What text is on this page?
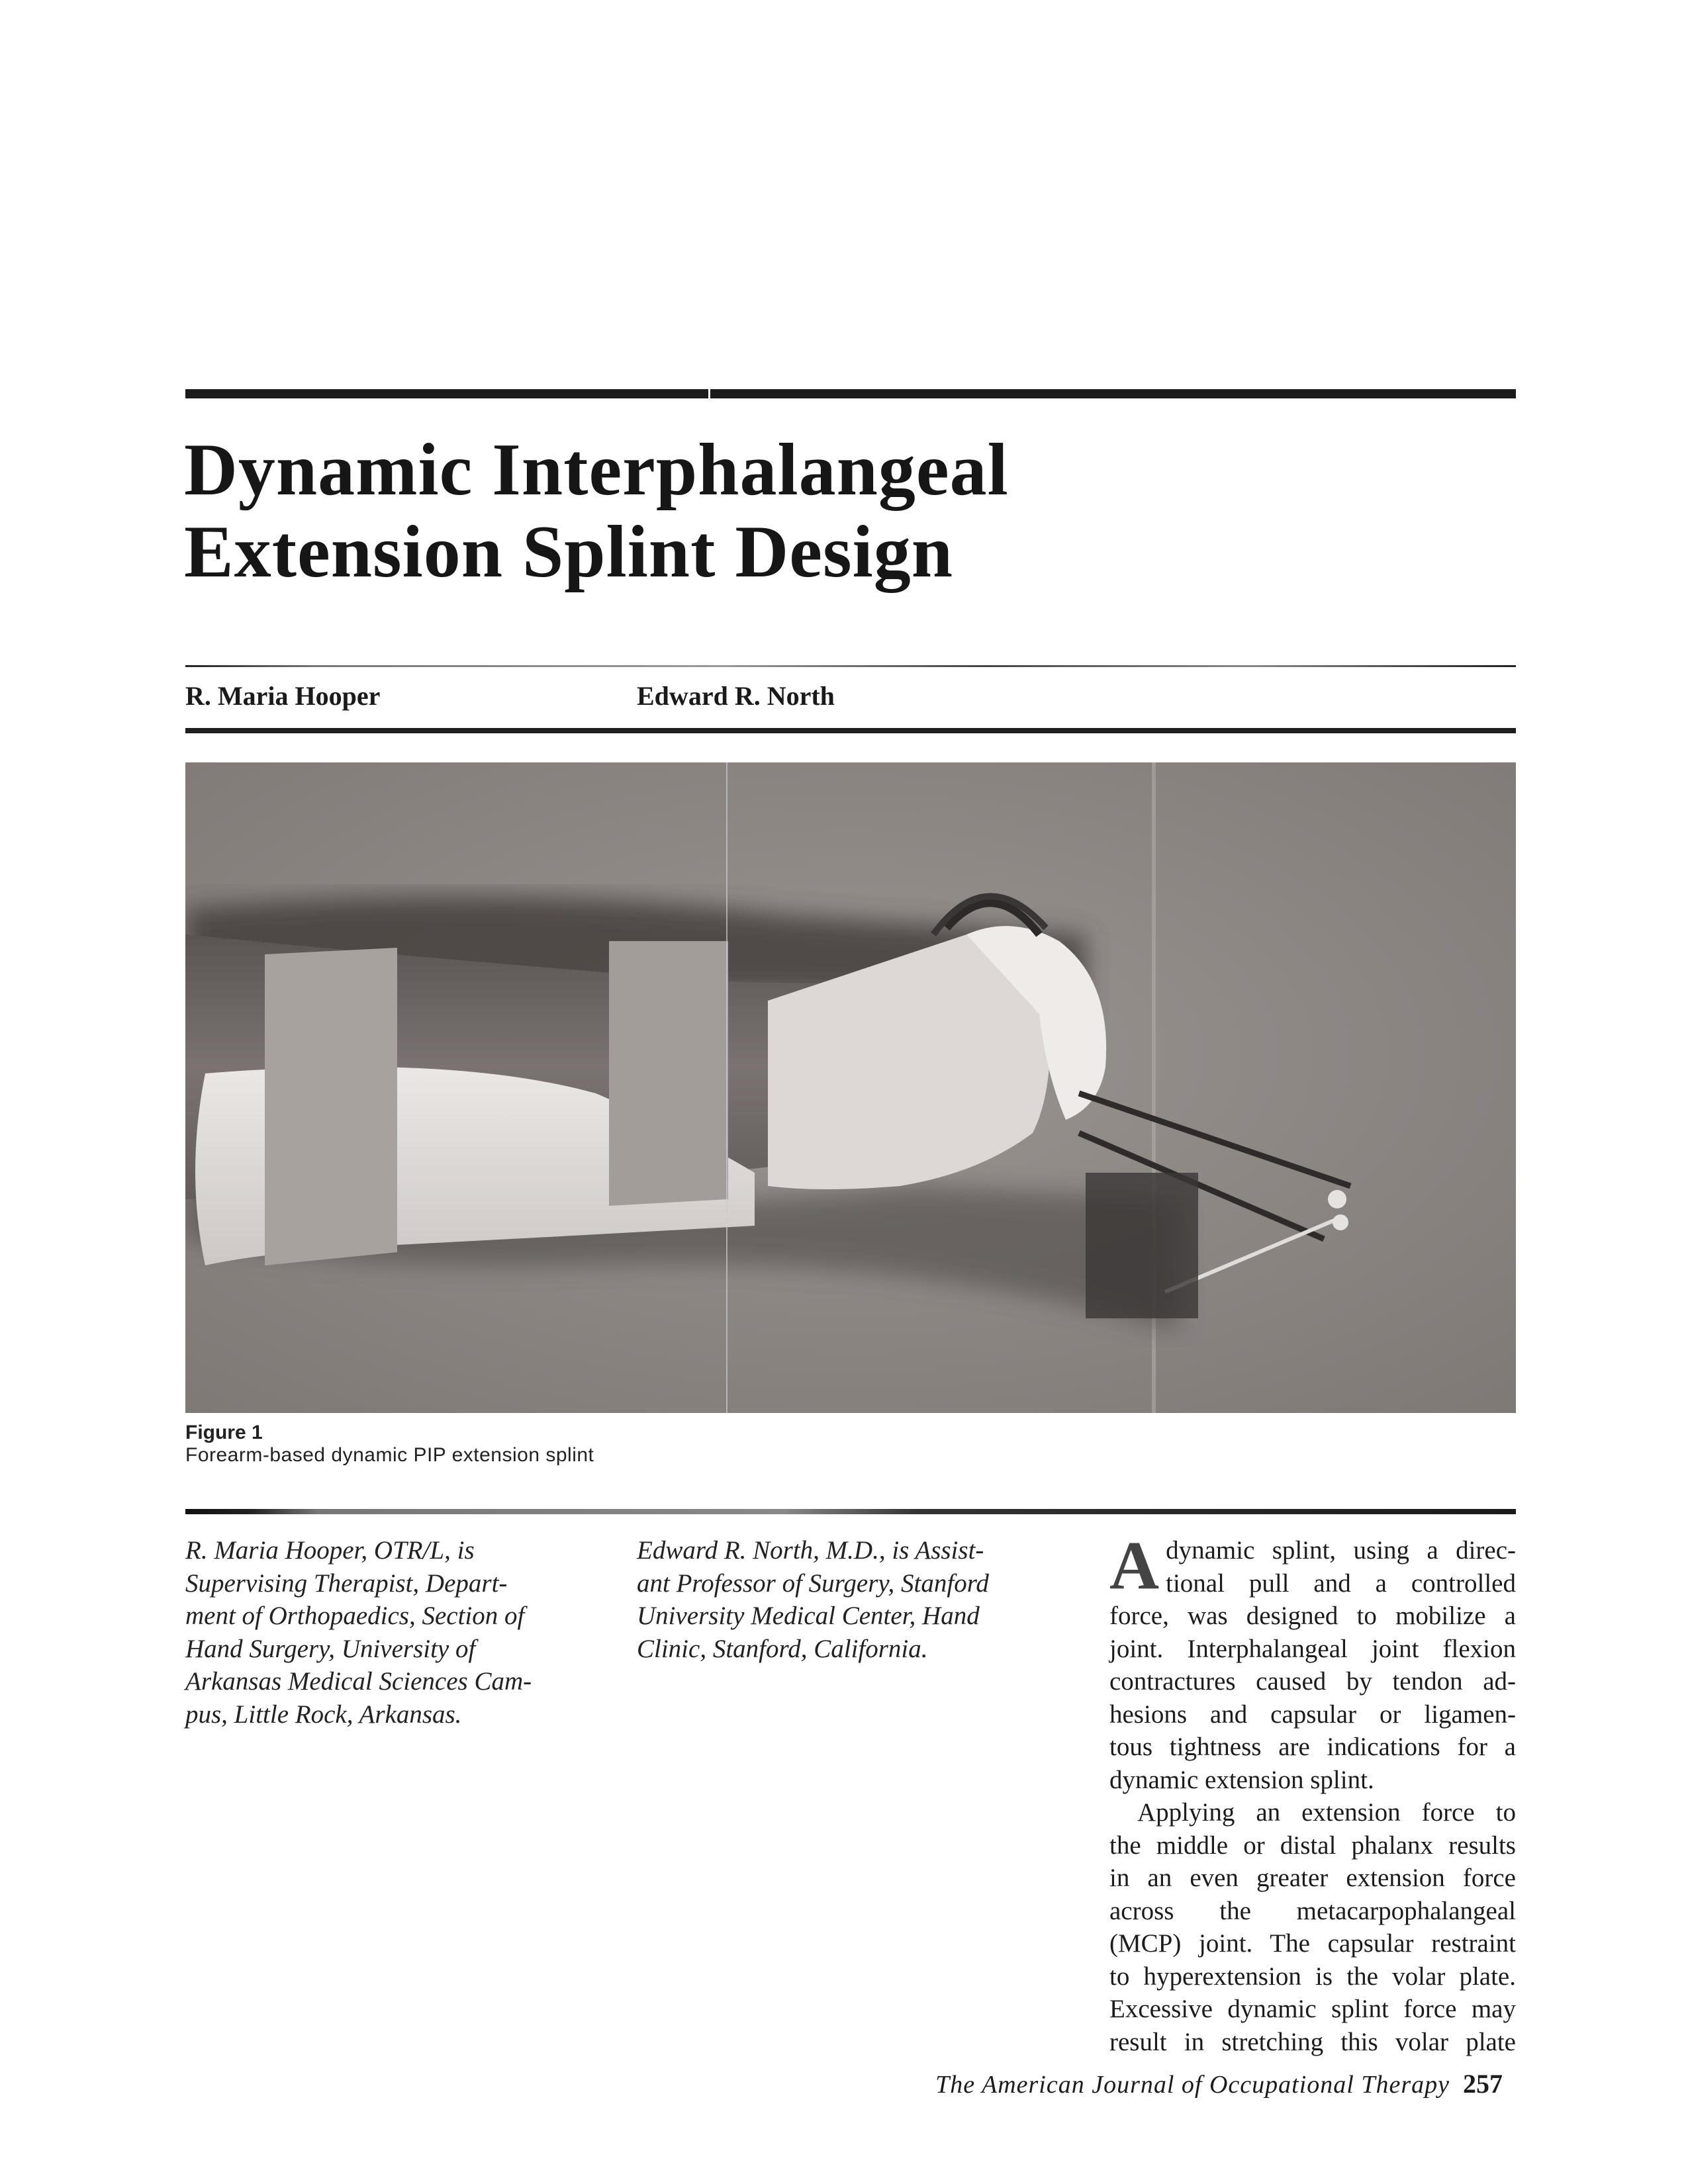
Dynamic Interphalangeal
Extension Splint Design
R. Maria Hooper	Edward R. North
Figure 1
Forearm-based dynamic PIP extension splint

R. Maria Hooper, OTR/L, is

Supervising Therapist, Depart-

ment of Orthopaedics, Section of

Hand Surgery, University of

Arkansas Medical Sciences Cam-

pus, Little Rock, Arkansas.

Edward R. North, M.D., is Assist-

ant Professor of Surgery, Stanford

University Medical Center, Hand

Clinic, Stanford, California.

A dynamic splint, using a direc-
tional pull and a controlled
force, was designed to mobilize a
joint. Interphalangeal joint flexion
contractures caused by tendon ad-
hesions and capsular or ligamen-
tous tightness are indications for a
dynamic extension splint.
Applying an extension force to
the middle or distal phalanx results
in an even greater extension force
across the metacarpophalangeal
(MCP) joint. The capsular restraint
to hyperextension is the volar plate.
Excessive dynamic splint force may
result in stretching this volar plate
The American Journal of Occupational Therapy 257
